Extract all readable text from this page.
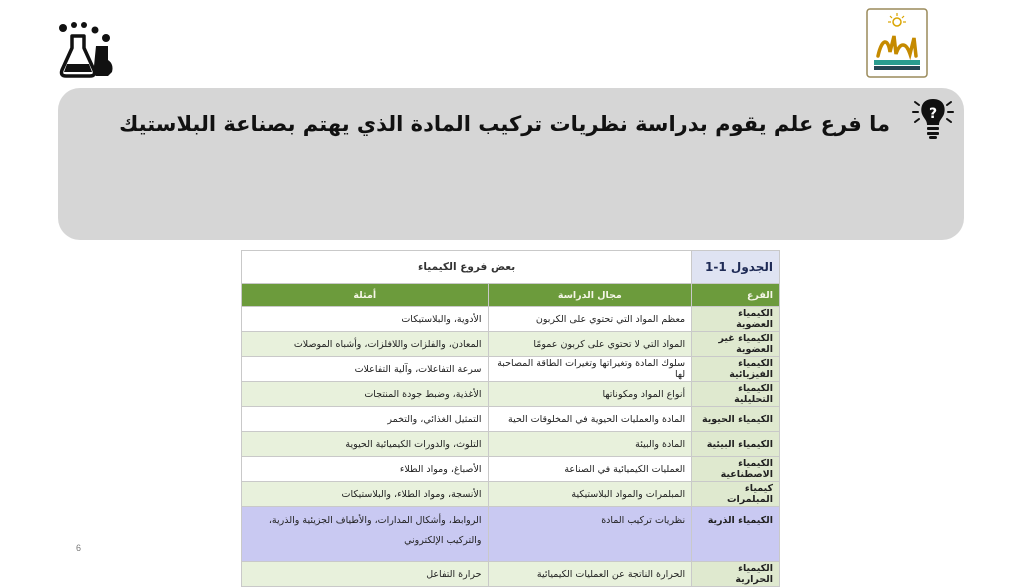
?
ما فرع علم يقوم بدراسة نظريات تركيب المادة الذي يهتم بصناعة البلاستيك
الجدول 1-1	بعض فروع الكيمياء	
الفرع	مجال الدراسة	أمثلة
الكيمياء العضوية	معظم المواد التي تحتوي على الكربون	الأدوية، والبلاستيكات
الكيمياء غير العضوية	المواد التي لا تحتوي على كربون عمومًا	المعادن، والفلزات واللافلزات، وأشباه الموصلات
الكيمياء الفيزيائية	سلوك المادة وتغيراتها وتغيرات الطاقة المصاحبة لها	سرعة التفاعلات، وآلية التفاعلات
الكيمياء التحليلية	أنواع المواد ومكوناتها	الأغذية، وضبط جودة المنتجات
الكيمياء الحيوية	المادة والعمليات الحيوية في المخلوقات الحية	التمثيل الغذائي، والتخمر
الكيمياء البيئية	المادة والبيئة	التلوث، والدورات الكيميائية الحيوية
الكيمياء الاصطناعية	العمليات الكيميائية في الصناعة	الأصباغ، ومواد الطلاء
كيمياء المبلمرات	المبلمرات والمواد البلاستيكية	الأنسجة، ومواد الطلاء، والبلاستيكات
الكيمياء الذرية	نظريات تركيب المادة	الروابط، وأشكال المدارات، والأطياف الجزيئية والذرية، والتركيب الإلكتروني
الكيمياء الحرارية	الحرارة الناتجة عن العمليات الكيميائية	حرارة التفاعل
6
